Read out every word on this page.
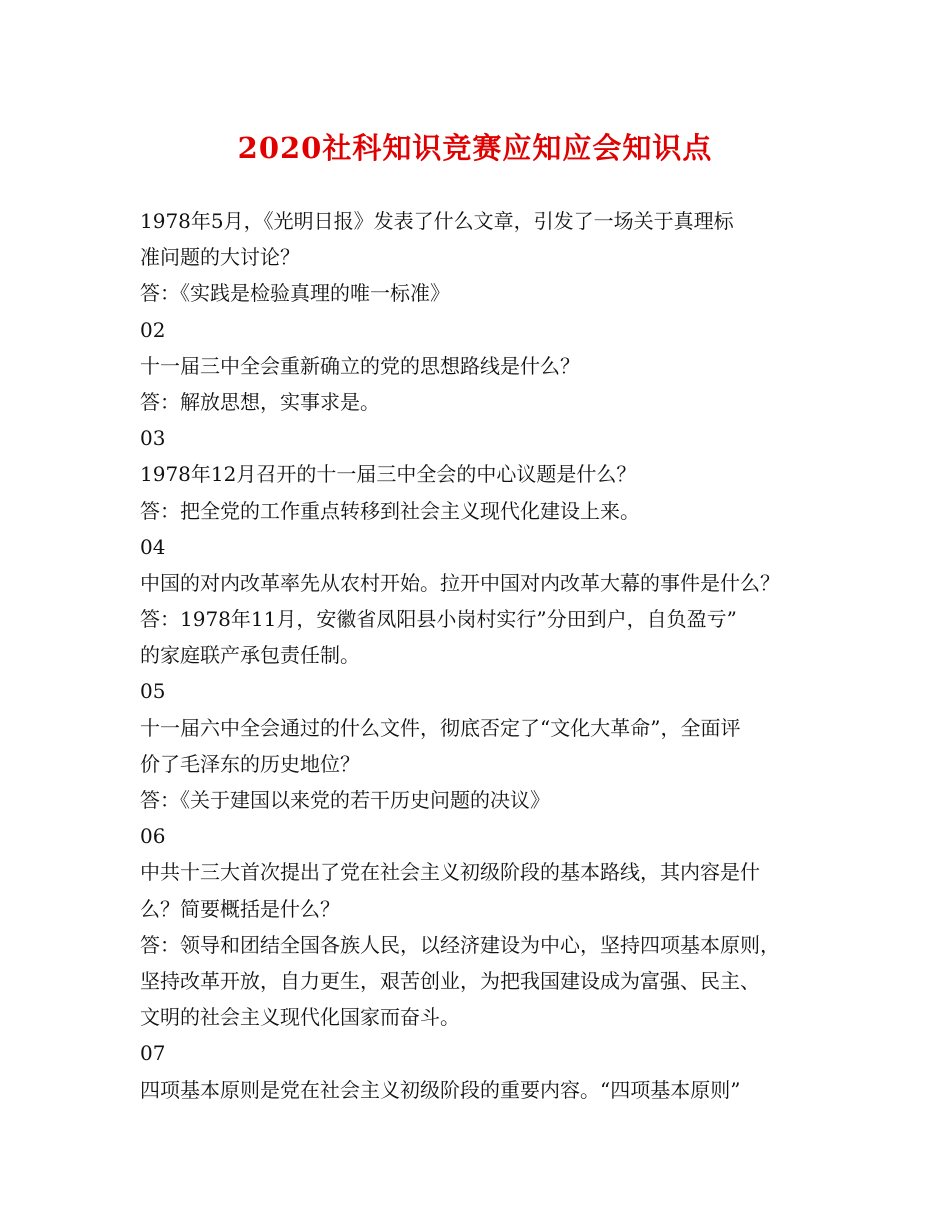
2020社科知识竞赛应知应会知识点
1978年5月，《光明日报》发表了什么文章，引发了一场关于真理标
准问题的大讨论？
答：《实践是检验真理的唯一标准》
02
十一届三中全会重新确立的党的思想路线是什么？
答：解放思想，实事求是。
03
1978年12月召开的十一届三中全会的中心议题是什么？
答：把全党的工作重点转移到社会主义现代化建设上来。
04
中国的对内改革率先从农村开始。拉开中国对内改革大幕的事件是什么？
答：1978年11月，安徽省凤阳县小岗村实行”分田到户，自负盈亏”
的家庭联产承包责任制。
05
十一届六中全会通过的什么文件，彻底否定了“文化大革命”，全面评
价了毛泽东的历史地位？
答：《关于建国以来党的若干历史问题的决议》
06
中共十三大首次提出了党在社会主义初级阶段的基本路线，其内容是什
么？简要概括是什么？
答：领导和团结全国各族人民，以经济建设为中心，坚持四项基本原则，
坚持改革开放，自力更生，艰苦创业，为把我国建设成为富强、民主、
文明的社会主义现代化国家而奋斗。
07
四项基本原则是党在社会主义初级阶段的重要内容。“四项基本原则”
